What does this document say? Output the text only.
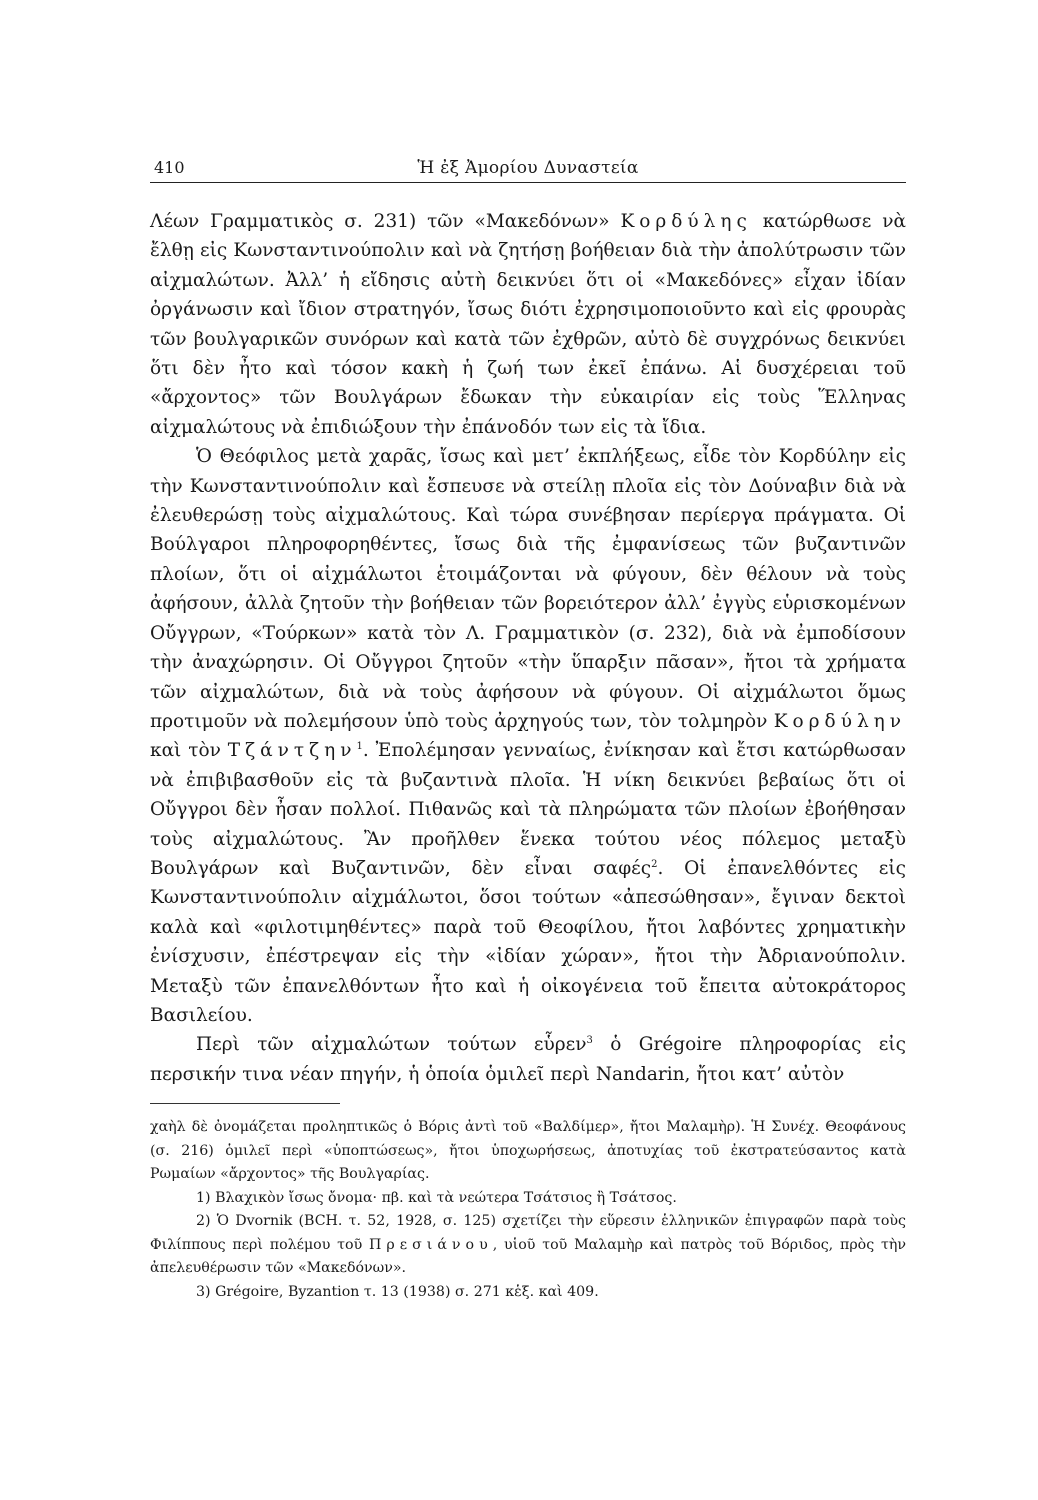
410	Ἡ ἐξ Ἀμορίου Δυναστεία

Λέων Γραμματικὸς σ. 231) τῶν «Μακεδόνων» Κορδύλης κατώρθωσε νὰ ἔλθῃ εἰς Κωνσταντινούπολιν καὶ νὰ ζητήσῃ βοήθειαν διὰ τὴν ἀπολύτρωσιν τῶν αἰχμαλώτων. Ἀλλ’ ἡ εἴδησις αὐτὴ δεικνύει ὅτι οἱ «Μακεδόνες» εἶχαν ἰδίαν ὀργάνωσιν καὶ ἴδιον στρατηγόν, ἴσως διότι ἐχρησιμοποιοῦντο καὶ εἰς φρουρὰς τῶν βουλγαρικῶν συνόρων καὶ κατὰ τῶν ἐχθρῶν, αὐτὸ δὲ συγχρόνως δεικνύει ὅτι δὲν ἦτο καὶ τόσον κακὴ ἡ ζωή των ἐκεῖ ἐπάνω. Αἱ δυσχέρειαι τοῦ «ἄρχοντος» τῶν Βουλγάρων ἔδωκαν τὴν εὐκαιρίαν εἰς τοὺς Ἕλληνας αἰχμαλώτους νὰ ἐπιδιώξουν τὴν ἐπάνοδόν των εἰς τὰ ἴδια.

Ὁ Θεόφιλος μετὰ χαρᾶς, ἴσως καὶ μετ’ ἐκπλήξεως, εἶδε τὸν Κορδύλην εἰς τὴν Κωνσταντινούπολιν καὶ ἔσπευσε νὰ στείλῃ πλοῖα εἰς τὸν Δούναβιν διὰ νὰ ἐλευθερώσῃ τοὺς αἰχμαλώτους. Καὶ τώρα συνέβησαν περίεργα πράγματα. Οἱ Βούλγαροι πληροφορηθέντες, ἴσως διὰ τῆς ἐμφανίσεως τῶν βυζαντινῶν πλοίων, ὅτι οἱ αἰχμάλωτοι ἑτοιμάζονται νὰ φύγουν, δὲν θέλουν νὰ τοὺς ἀφήσουν, ἀλλὰ ζητοῦν τὴν βοήθειαν τῶν βορειότερον ἀλλ’ ἐγγὺς εὑρισκομένων Οὔγγρων, «Τούρκων» κατὰ τὸν Λ. Γραμματικὸν (σ. 232), διὰ νὰ ἐμποδίσουν τὴν ἀναχώρησιν. Οἱ Οὔγγροι ζητοῦν «τὴν ὕπαρξιν πᾶσαν», ἤτοι τὰ χρήματα τῶν αἰχμαλώτων, διὰ νὰ τοὺς ἀφήσουν νὰ φύγουν. Οἱ αἰχμάλωτοι ὅμως προτιμοῦν νὰ πολεμήσουν ὑπὸ τοὺς ἀρχηγούς των, τὸν τολμηρὸν Κορδύλην καὶ τὸν Τζάντζην$^1$. Ἐπολέμησαν γενναίως, ἐνίκησαν καὶ ἔτσι κατώρθωσαν νὰ ἐπιβιβασθοῦν εἰς τὰ βυζαντινὰ πλοῖα. Ἡ νίκη δεικνύει βεβαίως ὅτι οἱ Οὔγγροι δὲν ἦσαν πολλοί. Πιθανῶς καὶ τὰ πληρώματα τῶν πλοίων ἐβοήθησαν τοὺς αἰχμαλώτους. Ἂν προῆλθεν ἕνεκα τούτου νέος πόλεμος μεταξὺ Βουλγάρων καὶ Βυζαντινῶν, δὲν εἶναι σαφές$^2$. Οἱ ἐπανελθόντες εἰς Κωνσταντινούπολιν αἰχμάλωτοι, ὅσοι τούτων «ἀπεσώθησαν», ἔγιναν δεκτοὶ καλὰ καὶ «φιλοτιμηθέντες» παρὰ τοῦ Θεοφίλου, ἤτοι λαβόντες χρηματικὴν ἐνίσχυσιν, ἐπέστρεψαν εἰς τὴν «ἰδίαν χώραν», ἤτοι τὴν Ἀδριανούπολιν. Μεταξὺ τῶν ἐπανελθόντων ἦτο καὶ ἡ οἰκογένεια τοῦ ἔπειτα αὐτοκράτορος Βασιλείου.

Περὶ τῶν αἰχμαλώτων τούτων εὗρεν$^3$ ὁ Grégoire πληροφορίας εἰς περσικήν τινα νέαν πηγήν, ἡ ὁποία ὁμιλεῖ περὶ Nandarin, ἤτοι κατ’ αὐτὸν

χαὴλ δὲ ὀνομάζεται προληπτικῶς ὁ Βόρις ἀντὶ τοῦ «Βαλδίμερ», ἤτοι Μαλαμὴρ). Ἡ Συνέχ. Θεοφάνους (σ. 216) ὁμιλεῖ περὶ «ὑποπτώσεως», ἤτοι ὑποχωρήσεως, ἀποτυχίας τοῦ ἐκστρατεύσαντος κατὰ Ρωμαίων «ἄρχοντος» τῆς Βουλγαρίας.

1) Βλαχικὸν ἴσως ὄνομα· πβ. καὶ τὰ νεώτερα Τσάτσιος ἢ Τσάτσος.

2) Ὁ Dvornik (BCH. τ. 52, 1928, σ. 125) σχετίζει τὴν εὕρεσιν ἑλληνικῶν ἐπιγραφῶν παρὰ τοὺς Φιλίππους περὶ πολέμου τοῦ Πρεσιάνου, υἱοῦ τοῦ Μαλαμὴρ καὶ πατρὸς τοῦ Βόριδος, πρὸς τὴν ἀπελευθέρωσιν τῶν «Μακεδόνων».

3) Grégoire, Byzantion τ. 13 (1938) σ. 271 κἑξ. καὶ 409.
